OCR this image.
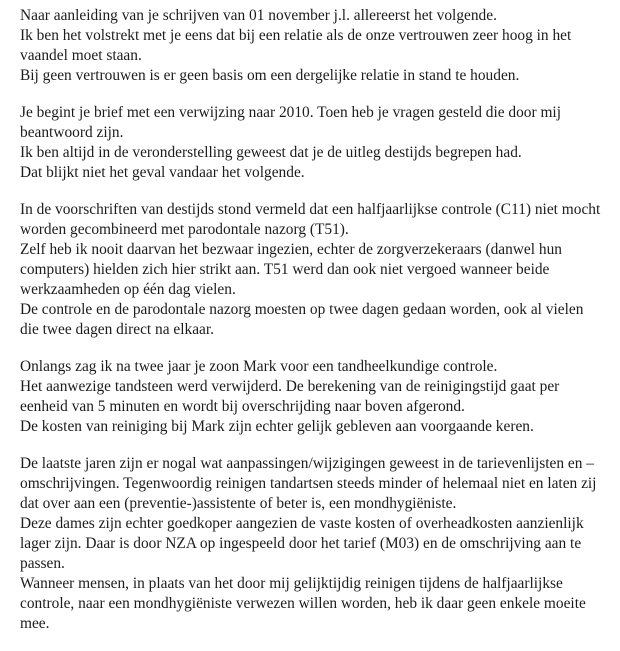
Naar aanleiding van je schrijven van 01 november j.l. allereerst het volgende.
Ik ben het volstrekt met je eens dat bij een relatie als de onze vertrouwen zeer hoog in het
vaandel moet staan.
Bij geen vertrouwen is er geen basis om een dergelijke relatie in stand te houden.

Je begint je brief met een verwijzing naar 2010. Toen heb je vragen gesteld die door mij
beantwoord zijn.
Ik ben altijd in de veronderstelling geweest dat je de uitleg destijds begrepen had.
Dat blijkt niet het geval vandaar het volgende.

In de voorschriften van destijds stond vermeld dat een halfjaarlijkse controle (C11) niet mocht
worden gecombineerd met parodontale nazorg (T51).
Zelf heb ik nooit daarvan het bezwaar ingezien, echter de zorgverzekeraars (danwel hun
computers) hielden zich hier strikt aan. T51 werd dan ook niet vergoed wanneer beide
werkzaamheden op één dag vielen.
De controle en de parodontale nazorg moesten op twee dagen gedaan worden, ook al vielen
die twee dagen direct na elkaar.

Onlangs zag ik na twee jaar je zoon Mark voor een tandheelkundige controle.
Het aanwezige tandsteen werd verwijderd. De berekening van de reinigingstijd gaat per
eenheid van 5 minuten en wordt bij overschrijding naar boven afgerond.
De kosten van reiniging bij Mark zijn echter gelijk gebleven aan voorgaande keren.

De laatste jaren zijn er nogal wat aanpassingen/wijzigingen geweest in de tarievenlijsten en –
omschrijvingen. Tegenwoordig reinigen tandartsen steeds minder of helemaal niet en laten zij
dat over aan een (preventie-)assistente of beter is, een mondhygiëniste.
Deze dames zijn echter goedkoper aangezien de vaste kosten of overheadkosten aanzienlijk
lager zijn. Daar is door NZA op ingespeeld door het tarief (M03) en de omschrijving aan te
passen.
Wanneer mensen, in plaats van het door mij gelijktijdig reinigen tijdens de halfjaarlijkse
controle, naar een mondhygiëniste verwezen willen worden, heb ik daar geen enkele moeite
mee.
